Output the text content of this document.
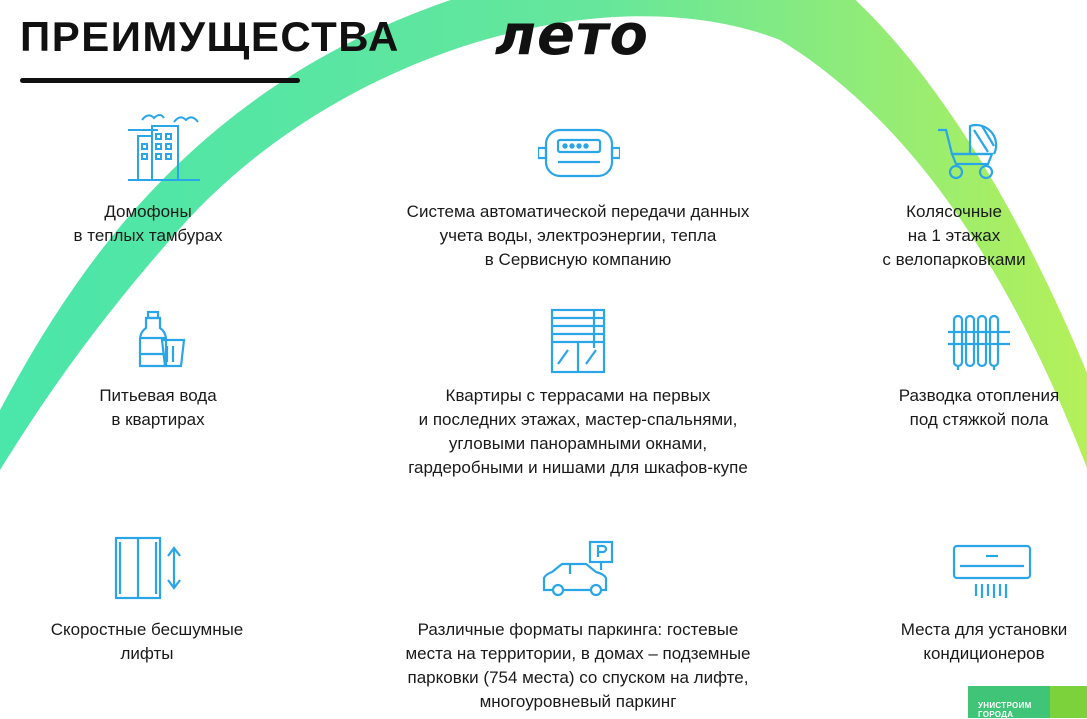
ПРЕИМУЩЕСТВА лето
Домофоны
в теплых тамбурах
Система автоматической передачи данных
учета воды, электроэнергии, тепла
в Сервисную компанию
Колясочные
на 1 этажах
с велопарковками
Питьевая вода
в квартирах
Квартиры с террасами на первых
и последних этажах, мастер-спальнями,
угловыми панорамными окнами,
гардеробными и нишами для шкафов-купе
Разводка отопления
под стяжкой пола
Скоростные бесшумные
лифты
Различные форматы паркинга: гостевые
места на территории, в домах – подземные
парковки (754 места) со спуском на лифте,
многоуровневый паркинг
Места для установки
кондиционеров
Домклик
УНИСТРОИМ
ГОРОДА
